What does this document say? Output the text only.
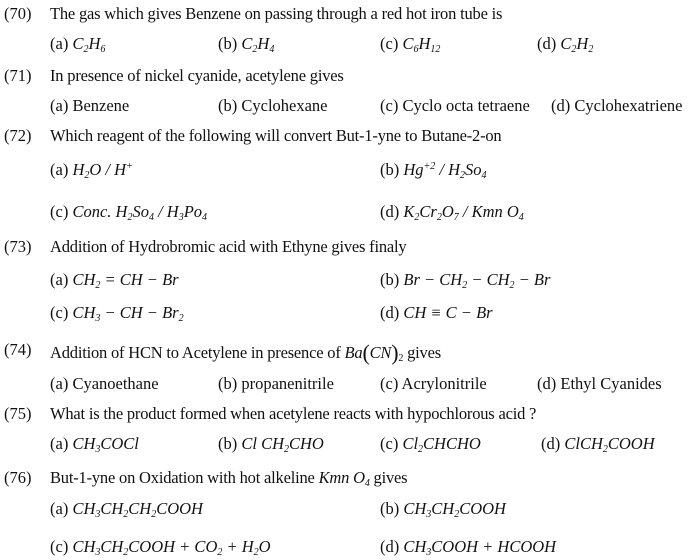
(70) The gas which gives Benzene on passing through a red hot iron tube is
(a) $C_2H_6$	(b) $C_2H_4$	(c) $C_6H_{12}$	(d) $C_2H_2$
(71) In presence of nickel cyanide, acetylene gives
(a) Benzene	(b) Cyclohexane	(c) Cyclo octa tetraene (d) Cyclohexatriene
(72) Which reagent of the following will convert But-1-yne to Butane-2-on
(a) $H_2O / H^+$	(b) $Hg^{+2} / H_2So_4$
(c) Conc. $H_2So_4 / H_3Po_4$	(d) $K_2Cr_2O_7$ / Kmn $O_4$
(73) Addition of Hydrobromic acid with Ethyne gives finaly
(a) $CH_2$ = CH − Br	(b) $Br - CH_2 - CH_2 - Br$
(c) $CH_3$ − CH − $Br_2$	(d) CH ≡ C − Br
(74) Addition of HCN to Acetylene in presence of $Ba(CN)_2$ gives
(a) Cyanoethane	(b) propanenitrile	(c) Acrylonitrile	(d) Ethyl Cyanides
(75) What is the product formed when acetylene reacts with hypochlorous acid ?
(a) $CH_3COCl$	(b) Cl $CH_2CHO$	(c) $Cl_2CHCHO$	(d) ClCH$_2$COOH
(76) But-1-yne on Oxidation with hot alkeline Kmn $O_4$ gives
(a) $CH_3CH_2CH_2COOH$	(b) $CH_3CH_2COOH$
(c) $CH_3CH_2COOH + CO_2 + H_2O$	(d) $CH_3COOH$ + HCOOH
